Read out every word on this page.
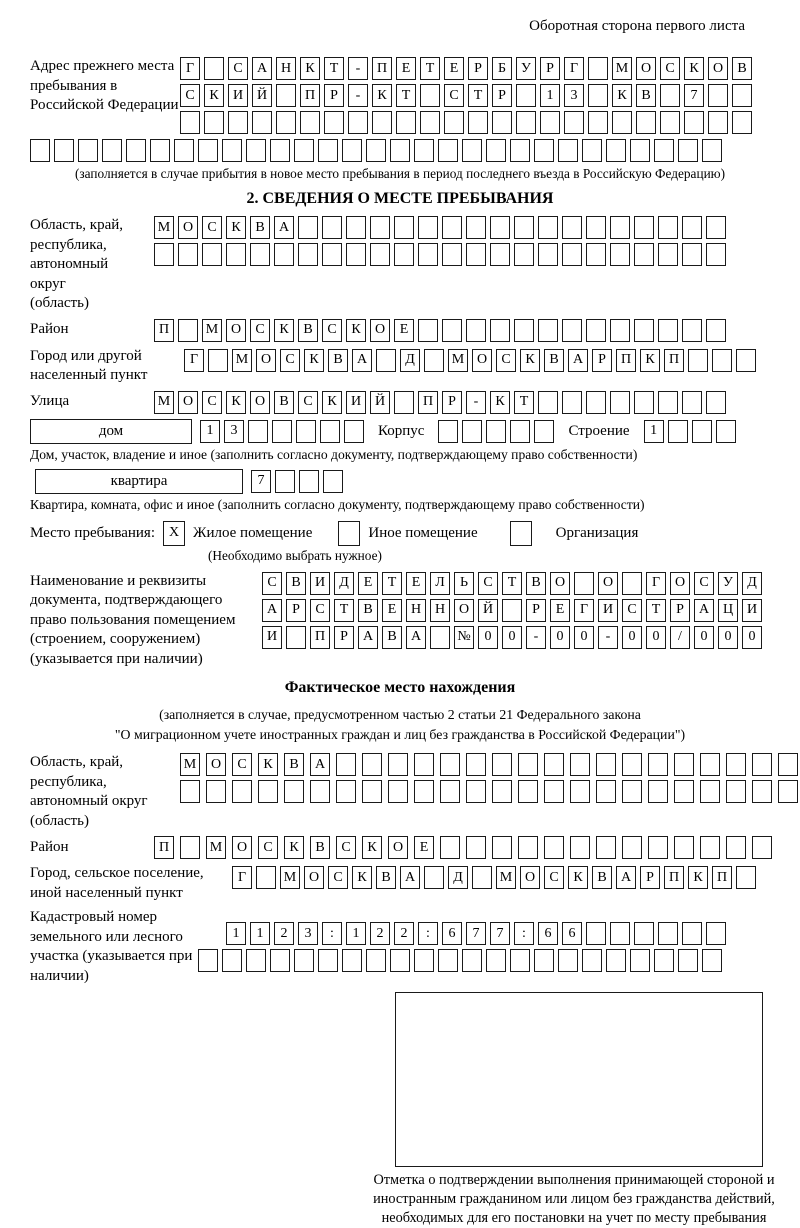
Оборотная сторона первого листа
Адрес прежнего места пребывания в Российской Федерации
Г	С	А Н	К	Т	-	П	Е	Т	Е	Р	Б	У	Р	Г	М О	С	К	О	В
С	К	И Й	П	Р	-	К	Т	С	Т	Р	1	3	К	В	7
(заполняется в случае прибытия в новое место пребывания в период последнего въезда в Российскую Федерацию)
2. СВЕДЕНИЯ О МЕСТЕ ПРЕБЫВАНИЯ
Область, край, республика, автономный округ (область)
М О	С	К	В	А
Район	П	М О	С	К	В	С	К	О	Е
Город или другой населенный пункт
Г	М О	С	К	В	А	Д	М О	С	К	В	А	Р	П	К	П
Улица	М О	С	К	О	В	С	К	И Й	П	Р	-	К	Т
дом	1	3	Корпус	Строение	1
Дом, участок, владение и иное (заполнить согласно документу, подтверждающему право собственности)
квартира	7
Квартира, комната, офис и иное (заполнить согласно документу, подтверждающему право собственности)
Место пребывания: X Жилое помещение	Иное помещение	Организация
(Необходимо выбрать нужное)
Наименование и реквизиты документа, подтверждающего право пользования помещением (строением, сооружением) (указывается при наличии)
С	В	И	Д	Е	Т	Е	Л	Ь	С	Т	В	О	О	Г	О	С	У	Д
А	Р	С	Т	В	Е	Н Н О Й	Р	Е	Г	И	С	Т	Р	А Ц И
И	П	Р	А	В	А	№ 0	0	-	0	0	-	0	0	/	0	0	0
Фактическое место нахождения
(заполняется в случае, предусмотренном частью 2 статьи 21 Федерального закона
"О миграционном учете иностранных граждан и лиц без гражданства в Российской Федерации")
Область, край, республика, автономный округ (область)
М	О	С	К	В	А
Район	П	М	О	С	К	В	С	К	О	Е
Город, сельское поселение, иной населенный пункт
Г	М О	С	К	В	А	Д	М О	С	К	В	А	Р	П	К	П
Кадастровый номер земельного или лесного участка (указывается при наличии)
1	1	2	3	:	1	2	2	:	6	7	7	:	6	6
Отметка о подтверждении выполнения принимающей стороной и иностранным гражданином или лицом без гражданства действий, необходимых для его постановки на учет по месту пребывания
